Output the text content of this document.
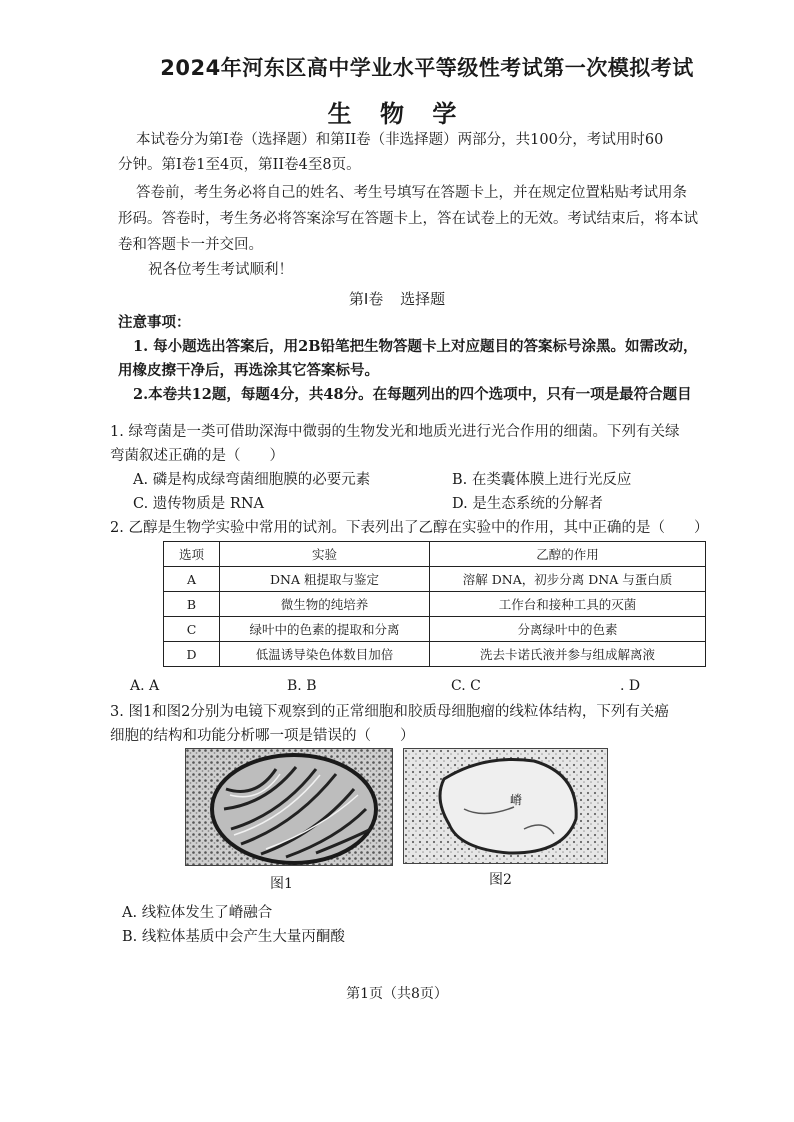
2024年河东区高中学业水平等级性考试第一次模拟考试
生 物 学
本试卷分为第Ⅰ卷（选择题）和第II卷（非选择题）两部分，共100分，考试用时60
分钟。第Ⅰ卷1至4页，第II卷4至8页。
答卷前，考生务必将自己的姓名、考生号填写在答题卡上，并在规定位置粘贴考试用条
形码。答卷时，考生务必将答案涂写在答题卡上，答在试卷上的无效。考试结束后，将本试
卷和答题卡一并交回。
祝各位考生考试顺利！
第Ⅰ卷 选择题
注意事项：
1. 每小题选出答案后，用2B铅笔把生物答题卡上对应题目的答案标号涂黑。如需改动，
用橡皮擦干净后，再选涂其它答案标号。
2.本卷共12题，每题4分，共48分。在每题列出的四个选项中，只有一项是最符合题目
1. 绿弯菌是一类可借助深海中微弱的生物发光和地质光进行光合作用的细菌。下列有关绿
弯菌叙述正确的是（　　）
A. 磷是构成绿弯菌细胞膜的必要元素	B. 在类囊体膜上进行光反应
C. 遗传物质是 RNA	D. 是生态系统的分解者
2. 乙醇是生物学实验中常用的试剂。下表列出了乙醇在实验中的作用，其中正确的是（　　）
选项	实验	乙醇的作用
A	DNA 粗提取与鉴定	溶解 DNA，初步分离 DNA 与蛋白质
B	微生物的纯培养	工作台和接种工具的灭菌
C	绿叶中的色素的提取和分离	分离绿叶中的色素
D	低温诱导染色体数目加倍	洗去卡诺氏液并参与组成解离液
A. A	B. B	C. C	. D
3. 图1和图2分别为电镜下观察到的正常细胞和胶质母细胞瘤的线粒体结构，下列有关癌
细胞的结构和功能分析哪一项是错误的（　　）
嵴
图1	图2
A. 线粒体发生了嵴融合
B. 线粒体基质中会产生大量丙酮酸
第1页（共8页）
